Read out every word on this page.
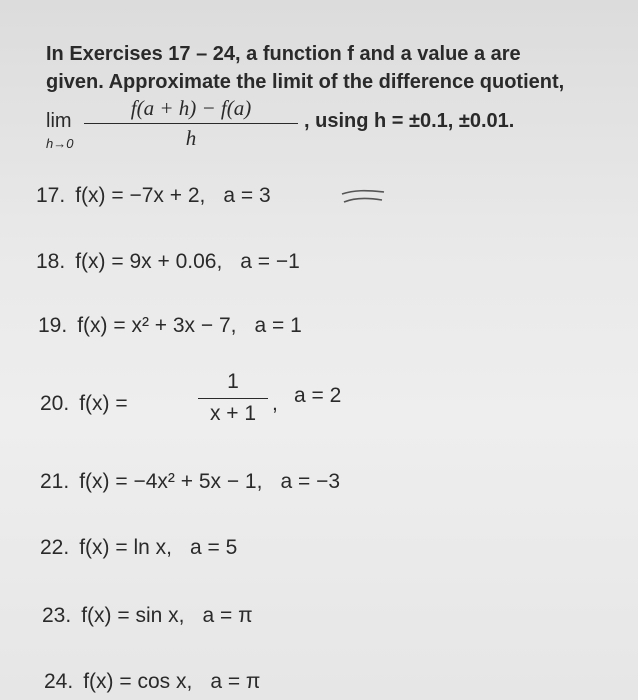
In Exercises 17 – 24, a function f and a value a are
given. Approximate the limit of the difference quotient,
lim
h→0
f(a + h) − f(a)
h
, using h = ±0.1, ±0.01.
17. f(x) = −7x + 2, a = 3
18. f(x) = 9x + 0.06, a = −1
19. f(x) = x² + 3x − 7, a = 1
20. f(x) =
1
x + 1 , a = 2
21. f(x) = −4x² + 5x − 1, a = −3
22. f(x) = ln x, a = 5
23. f(x) = sin x, a = π
24. f(x) = cos x, a = π
